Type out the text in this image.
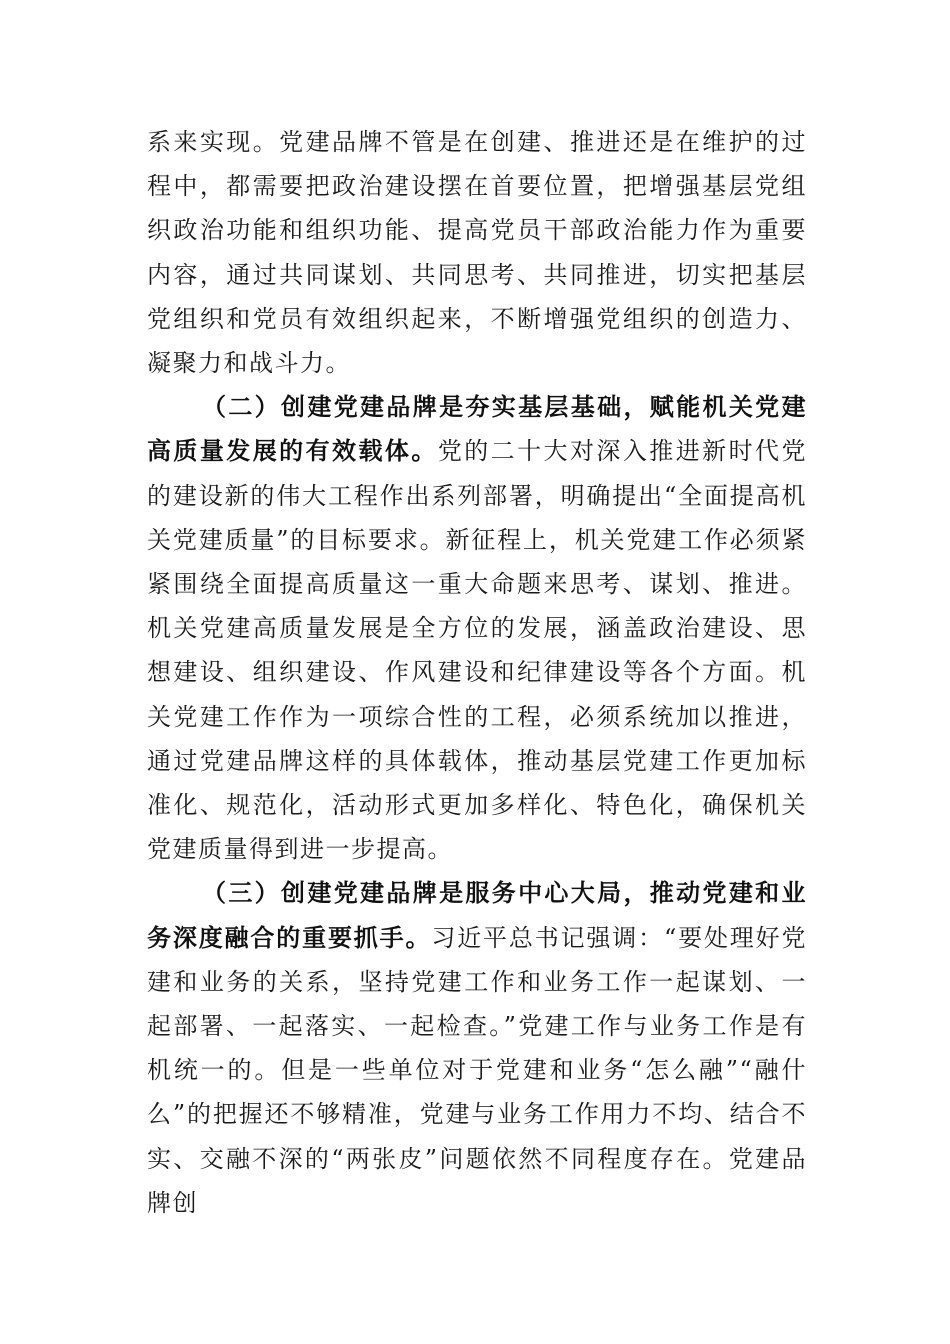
系来实现。党建品牌不管是在创建、推进还是在维护的过程中，都需要把政治建设摆在首要位置，把增强基层党组织政治功能和组织功能、提高党员干部政治能力作为重要内容，通过共同谋划、共同思考、共同推进，切实把基层党组织和党员有效组织起来，不断增强党组织的创造力、凝聚力和战斗力。

（二）创建党建品牌是夯实基层基础，赋能机关党建高质量发展的有效载体。党的二十大对深入推进新时代党的建设新的伟大工程作出系列部署，明确提出“全面提高机关党建质量”的目标要求。新征程上，机关党建工作必须紧紧围绕全面提高质量这一重大命题来思考、谋划、推进。机关党建高质量发展是全方位的发展，涵盖政治建设、思想建设、组织建设、作风建设和纪律建设等各个方面。机关党建工作作为一项综合性的工程，必须系统加以推进，通过党建品牌这样的具体载体，推动基层党建工作更加标准化、规范化，活动形式更加多样化、特色化，确保机关党建质量得到进一步提高。

（三）创建党建品牌是服务中心大局，推动党建和业务深度融合的重要抓手。习近平总书记强调：“要处理好党建和业务的关系，坚持党建工作和业务工作一起谋划、一起部署、一起落实、一起检查。”党建工作与业务工作是有机统一的。但是一些单位对于党建和业务“怎么融”“融什么”的把握还不够精准，党建与业务工作用力不均、结合不实、交融不深的“两张皮”问题依然不同程度存在。党建品牌创
